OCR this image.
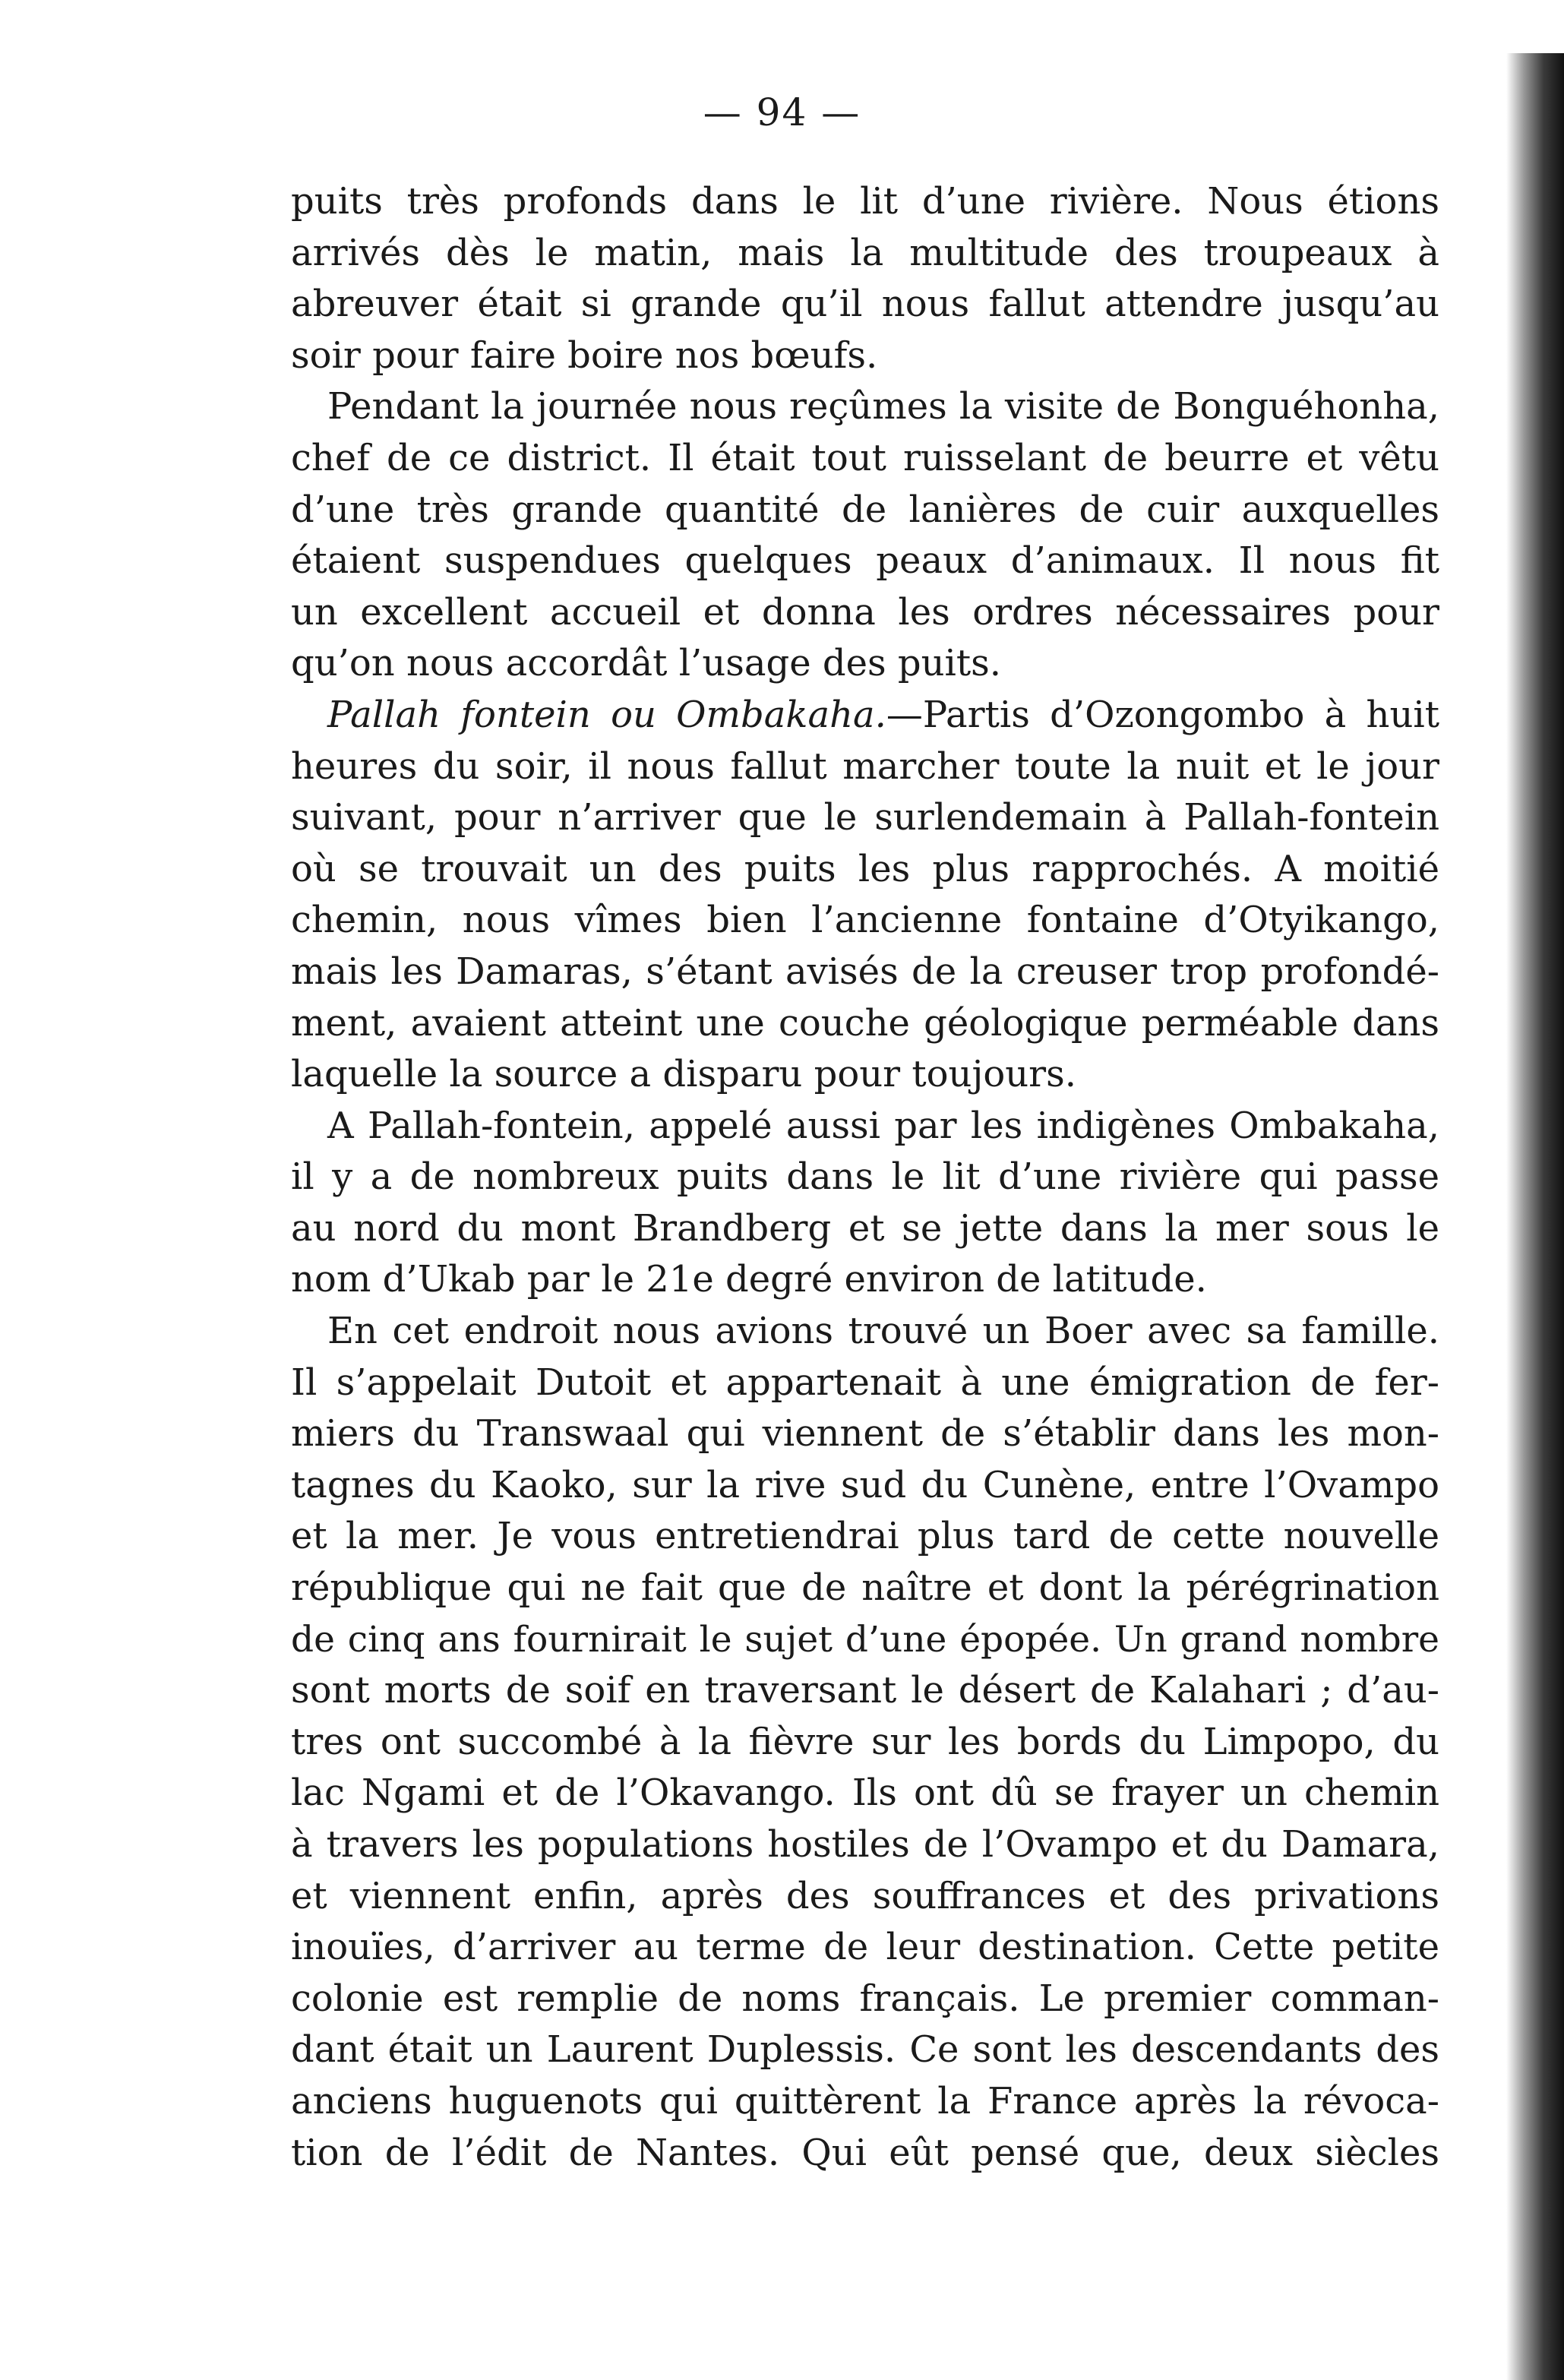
— 94 —
puits très profonds dans le lit d’une rivière. Nous étions
arrivés dès le matin, mais la multitude des troupeaux à
abreuver était si grande qu’il nous fallut attendre jusqu’au
soir pour faire boire nos bœufs.
Pendant la journée nous reçûmes la visite de Bonguéhonha,
chef de ce district. Il était tout ruisselant de beurre et vêtu
d’une très grande quantité de lanières de cuir auxquelles
étaient suspendues quelques peaux d’animaux. Il nous fit
un excellent accueil et donna les ordres nécessaires pour
qu’on nous accordât l’usage des puits.
Pallah fontein ou Ombakaha.—Partis d’Ozongombo à huit
heures du soir, il nous fallut marcher toute la nuit et le jour
suivant, pour n’arriver que le surlendemain à Pallah-fontein
où se trouvait un des puits les plus rapprochés. A moitié
chemin, nous vîmes bien l’ancienne fontaine d’Otyikango,
mais les Damaras, s’étant avisés de la creuser trop profondé-
ment, avaient atteint une couche géologique perméable dans
laquelle la source a disparu pour toujours.
A Pallah-fontein, appelé aussi par les indigènes Ombakaha,
il y a de nombreux puits dans le lit d’une rivière qui passe
au nord du mont Brandberg et se jette dans la mer sous le
nom d’Ukab par le 21e degré environ de latitude.
En cet endroit nous avions trouvé un Boer avec sa famille.
Il s’appelait Dutoit et appartenait à une émigration de fer-
miers du Transwaal qui viennent de s’établir dans les mon-
tagnes du Kaoko, sur la rive sud du Cunène, entre l’Ovampo
et la mer. Je vous entretiendrai plus tard de cette nouvelle
république qui ne fait que de naître et dont la pérégrination
de cinq ans fournirait le sujet d’une épopée. Un grand nombre
sont morts de soif en traversant le désert de Kalahari ; d’au-
tres ont succombé à la fièvre sur les bords du Limpopo, du
lac Ngami et de l’Okavango. Ils ont dû se frayer un chemin
à travers les populations hostiles de l’Ovampo et du Damara,
et viennent enfin, après des souffrances et des privations
inouïes, d’arriver au terme de leur destination. Cette petite
colonie est remplie de noms français. Le premier comman-
dant était un Laurent Duplessis. Ce sont les descendants des
anciens huguenots qui quittèrent la France après la révoca-
tion de l’édit de Nantes. Qui eût pensé que, deux siècles
